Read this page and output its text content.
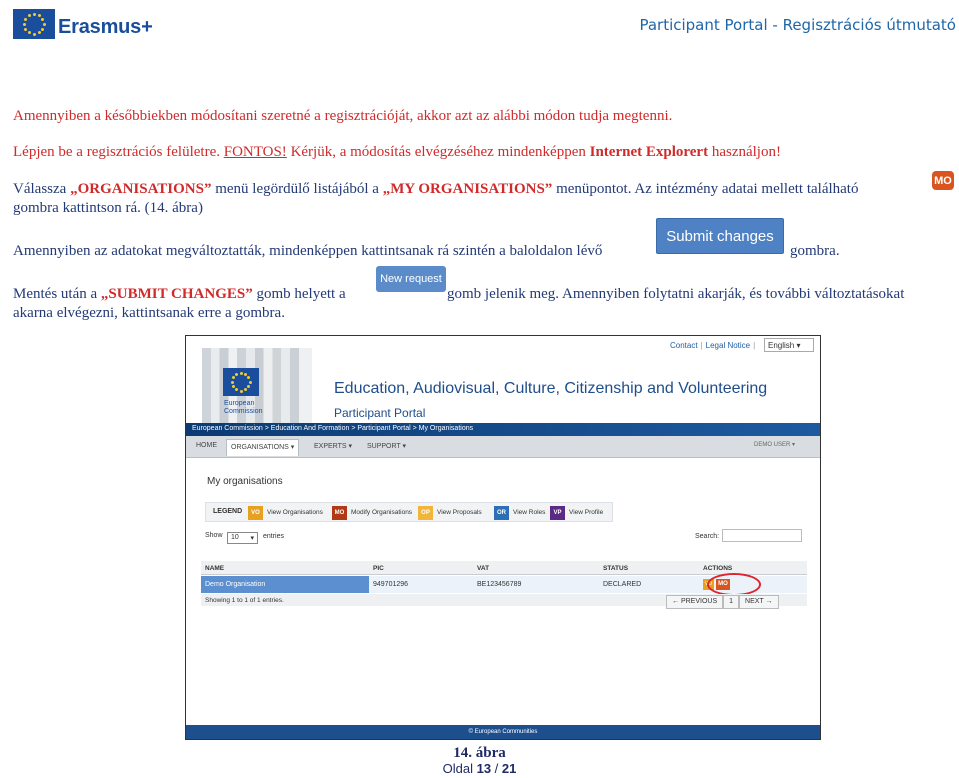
Erasmus+	Participant Portal - Regisztrációs útmutató
Amennyiben a későbbiekben módosítani szeretné a regisztrációját, akkor azt az alábbi módon tudja megtenni.
Lépjen be a regisztrációs felületre. FONTOS! Kérjük, a módosítás elvégzéséhez mindenképpen Internet Explorert használjon!
Válassza „ORGANISATIONS” menü legördülő listájából a „MY ORGANISATIONS” menüpontot. Az intézmény adatai mellett található
MO
gombra kattintson rá. (14. ábra)
Amennyiben az adatokat megváltoztatták, mindenképpen kattintsanak rá szintén a baloldalon lévő
Submit changes
gombra.
Mentés után a „SUBMIT CHANGES” gomb helyett a
New request
gomb jelenik meg. Amennyiben folytatni akarják, és további változtatásokat
akarna elvégezni, kattintsanak erre a gombra.
European Commission
Contact | Legal Notice |	English ▾
Education, Audiovisual, Culture, Citizenship and Volunteering
Participant Portal
European Commission > Education And Formation > Participant Portal > My Organisations
HOME	ORGANISATIONS ▾	EXPERTS ▾ SUPPORT ▾	DEMO USER ▾
My organisations
LEGEND	VO	View Organisations	MO	Modify Organisations	OP	View Proposals	OR	View Roles	VP	View Profile
Show	10 ▾ entries	Search:
NAME	PIC	VAT	STATUS	ACTIONS
Demo Organisation	949701296	BE123456789	DECLARED	VO	MO
Showing 1 to 1 of 1 entries.	← PREVIOUS	1	NEXT →
© European Communities
14. ábra
Oldal 13 / 21
